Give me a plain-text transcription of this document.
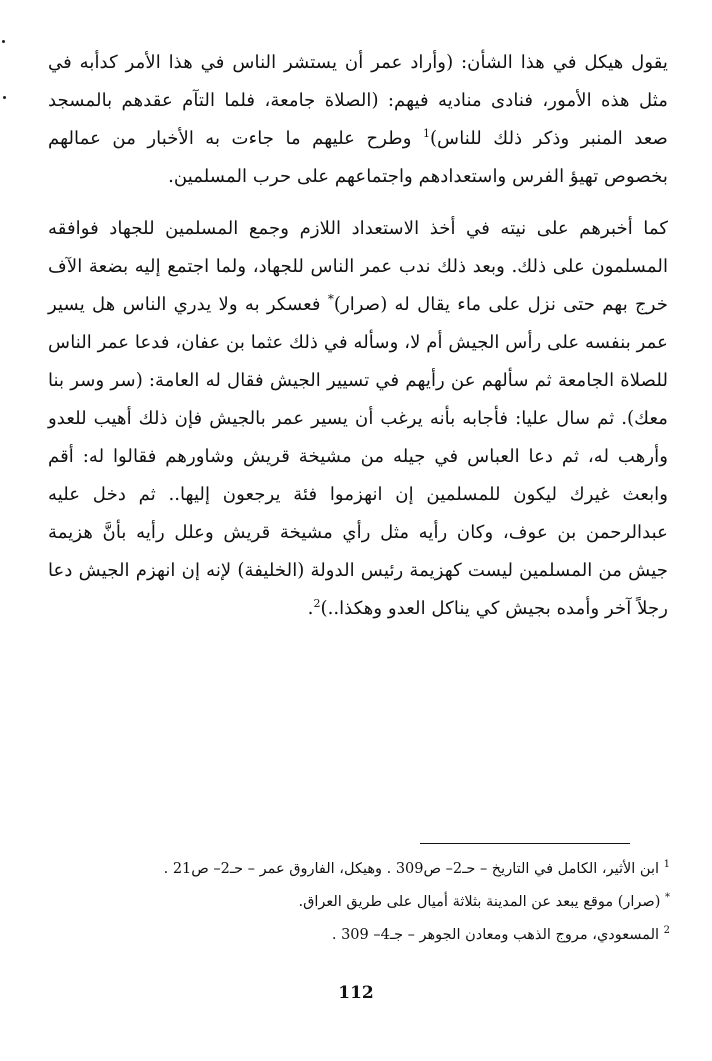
يقول هيكل في هذا الشأن: (وأراد عمر أن يستشر الناس في هذا الأمر كدأبه في مثل هذه الأمور، فنادى مناديه فيهم: (الصلاة جامعة، فلما التآم عقدهم بالمسجد صعد المنبر وذكر ذلك للناس)$^1$ وطرح عليهم ما جاءت به الأخبار من عمالهم بخصوص تهيؤ الفرس واستعدادهم واجتماعهم على حرب المسلمين.

كما أخبرهم على نيته في أخذ الاستعداد اللازم وجمع المسلمين للجهاد فوافقه المسلمون على ذلك. وبعد ذلك ندب عمر الناس للجهاد، ولما اجتمع إليه بضعة الآف خرج بهم حتى نزل على ماء يقال له (صرار)* فعسكر به ولا يدري الناس هل يسير عمر بنفسه على رأس الجيش أم لا، وسأله في ذلك عثما بن عفان، فدعا عمر الناس للصلاة الجامعة ثم سألهم عن رأيهم في تسيير الجيش فقال له العامة: (سر وسر بنا معك). ثم سال عليا: فأجابه بأنه يرغب أن يسير عمر بالجيش فإن ذلك أهيب للعدو وأرهب له، ثم دعا العباس في جيله من مشيخة قريش وشاورهم فقالوا له: أقم وابعث غيرك ليكون للمسلمين إن انهزموا فئة يرجعون إليها.. ثم دخل عليه عبدالرحمن بن عوف، وكان رأيه مثل رأي مشيخة قريش وعلل رأيه بأنَّ هزيمة جيش من المسلمين ليست كهزيمة رئيس الدولة (الخليفة) لإنه إن انهزم الجيش دعا رجلاً آخر وأمده بجيش كي يناكل العدو وهكذا..)$^2$.

$^1$ ابن الأثير، الكامل في التاريخ – حـ2– ص309 . وهيكل، الفاروق عمر – حـ2– ص21 .

* (صرار) موقع يبعد عن المدينة بثلاثة أميال على طريق العراق.

$^2$ المسعودي، مروج الذهب ومعادن الجوهر – جـ4– 309 .

112
